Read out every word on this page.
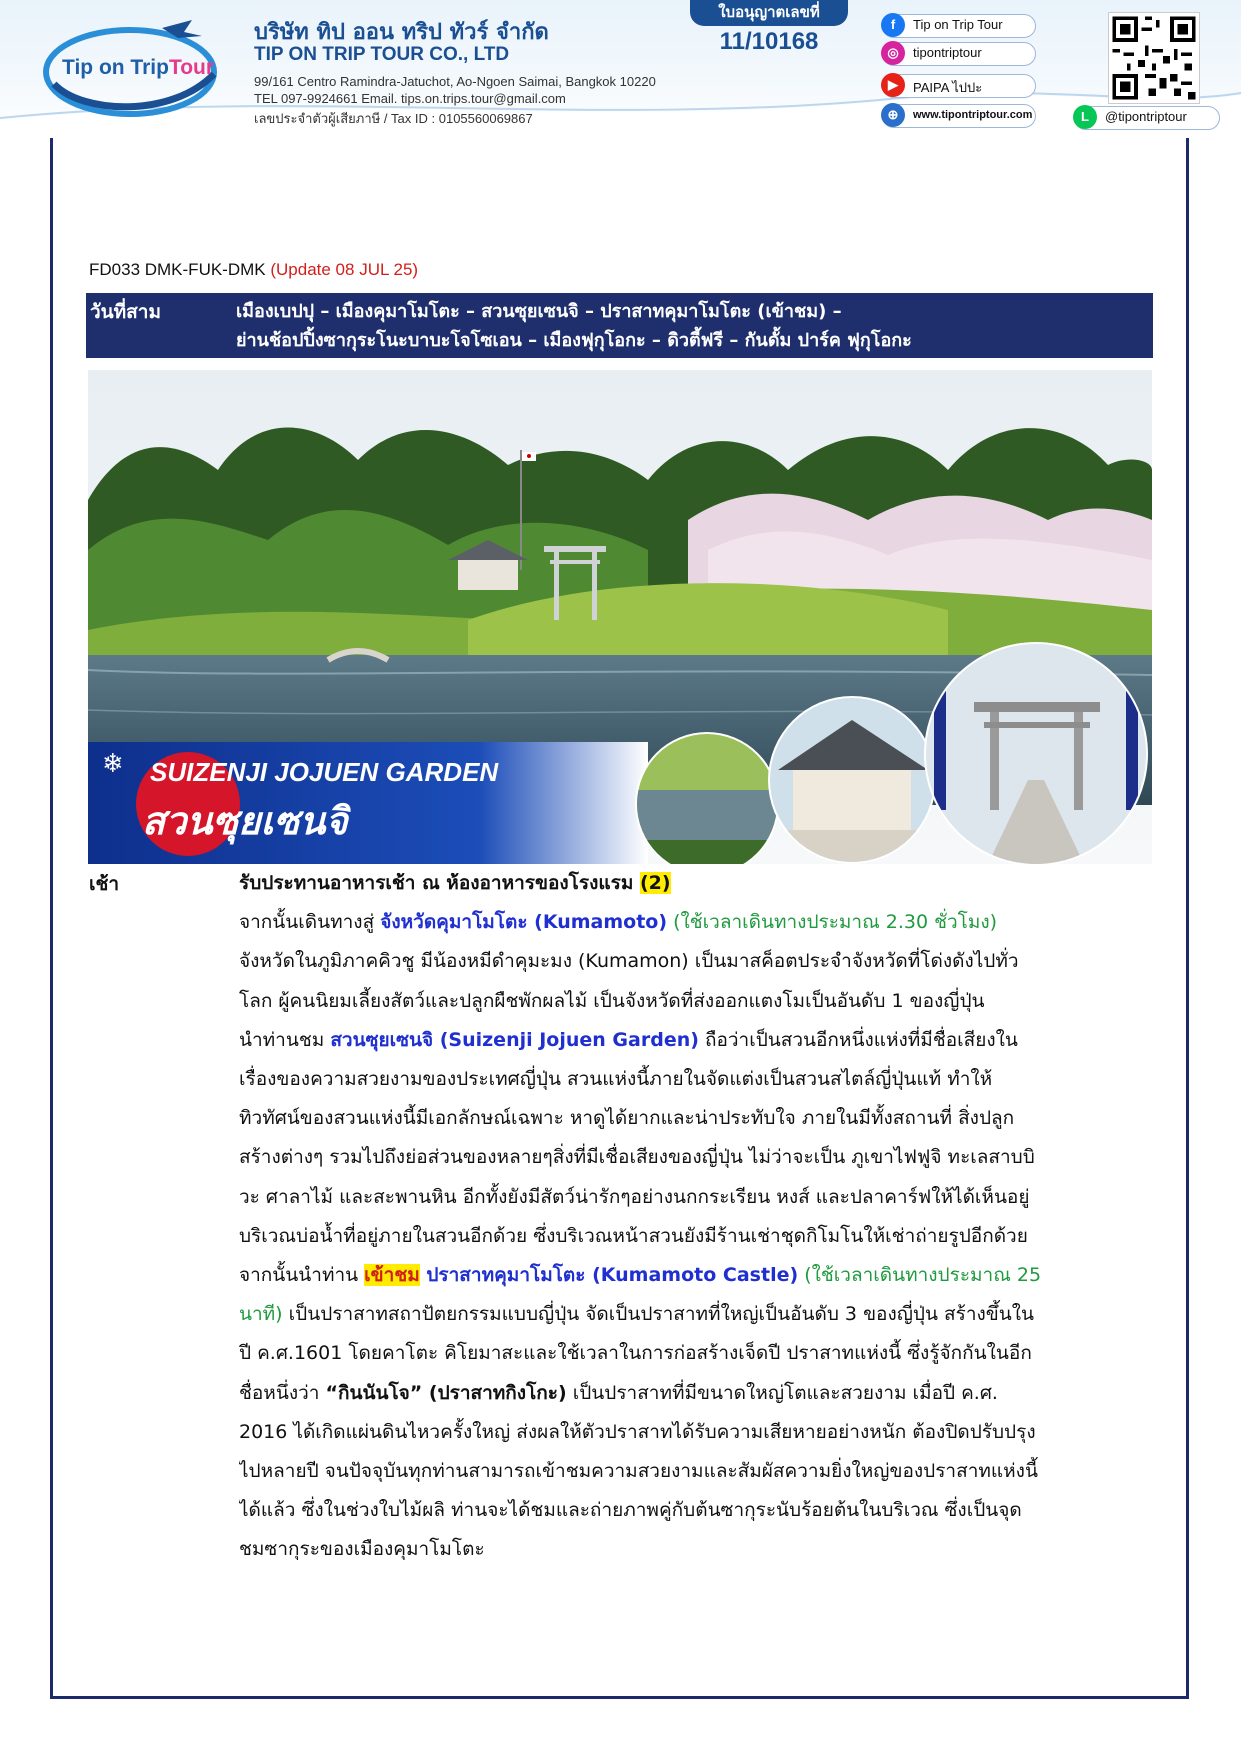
Tip on TripTour
บริษัท ทิป ออน ทริป ทัวร์ จำกัด
TIP ON TRIP TOUR CO., LTD
99/161 Centro Ramindra-Jatuchot, Ao-Ngoen Saimai, Bangkok 10220
TEL 097-9924661 Email. tips.on.trips.tour@gmail.com
เลขประจำตัวผู้เสียภาษี / Tax ID : 0105560069867
ใบอนุญาตเลขที่
11/10168
f	Tip on Trip Tour
◎	tipontriptour
▶	PAIPA ไปปะ
⊕	www.tipontriptour.com	L	@tipontriptour
FD033 DMK-FUK-DMK (Update 08 JUL 25)
วันที่สาม	เมืองเบปปุ – เมืองคุมาโมโตะ – สวนซุยเซนจิ – ปราสาทคุมาโมโตะ (เข้าชม) –
ย่านช้อปปิ้งซากุระโนะบาบะโจโซเอน – เมืองฟุกุโอกะ – ดิวตี้ฟรี – กันดั้ม ปาร์ค ฟุกุโอกะ
SUIZENJI JOJUEN GARDEN
สวนซุยเซนจิ
❄
เช้า	รับประทานอาหารเช้า ณ ห้องอาหารของโรงแรม (2)
จากนั้นเดินทางสู่ จังหวัดคุมาโมโตะ (Kumamoto) (ใช้เวลาเดินทางประมาณ 2.30 ชั่วโมง)
จังหวัดในภูมิภาคคิวชู มีน้องหมีดำคุมะมง (Kumamon) เป็นมาสค็อตประจำจังหวัดที่โด่งดังไปทั่ว
โลก ผู้คนนิยมเลี้ยงสัตว์และปลูกผืชพักผลไม้ เป็นจังหวัดที่ส่งออกแตงโมเป็นอันดับ 1 ของญี่ปุ่น
นำท่านชม สวนซุยเซนจิ (Suizenji Jojuen Garden) ถือว่าเป็นสวนอีกหนึ่งแห่งที่มีชื่อเสียงใน
เรื่องของความสวยงามของประเทศญี่ปุ่น สวนแห่งนี้ภายในจัดแต่งเป็นสวนสไตล์ญี่ปุ่นแท้ ทำให้
ทิวทัศน์ของสวนแห่งนี้มีเอกลักษณ์เฉพาะ หาดูได้ยากและน่าประทับใจ ภายในมีทั้งสถานที่ สิ่งปลูก
สร้างต่างๆ รวมไปถึงย่อส่วนของหลายๆสิ่งที่มีเชื่อเสียงของญี่ปุ่น ไม่ว่าจะเป็น ภูเขาไฟฟูจิ ทะเลสาบบิ
วะ ศาลาไม้ และสะพานหิน อีกทั้งยังมีสัตว์น่ารักๆอย่างนกกระเรียน หงส์ และปลาคาร์ฟให้ได้เห็นอยู่
บริเวณบ่อน้ำที่อยู่ภายในสวนอีกด้วย ซึ่งบริเวณหน้าสวนยังมีร้านเช่าชุดกิโมโนให้เช่าถ่ายรูปอีกด้วย
จากนั้นนำท่าน เข้าชม ปราสาทคุมาโมโตะ (Kumamoto Castle) (ใช้เวลาเดินทางประมาณ 25
นาที) เป็นปราสาทสถาปัตยกรรมแบบญี่ปุ่น จัดเป็นปราสาทที่ใหญ่เป็นอันดับ 3 ของญี่ปุ่น สร้างขึ้นใน
ปี ค.ศ.1601 โดยคาโตะ คิโยมาสะและใช้เวลาในการก่อสร้างเจ็ดปี ปราสาทแห่งนี้ ซึ่งรู้จักกันในอีก
ชื่อหนึ่งว่า “กินนันโจ” (ปราสาทกิงโกะ) เป็นปราสาทที่มีขนาดใหญ่โตและสวยงาม เมื่อปี ค.ศ.
2016 ได้เกิดแผ่นดินไหวครั้งใหญ่ ส่งผลให้ตัวปราสาทได้รับความเสียหายอย่างหนัก ต้องปิดปรับปรุง
ไปหลายปี จนปัจจุบันทุกท่านสามารถเข้าชมความสวยงามและสัมผัสความยิ่งใหญ่ของปราสาทแห่งนี้
ได้แล้ว ซึ่งในช่วงใบไม้ผลิ ท่านจะได้ชมและถ่ายภาพคู่กับต้นซากุระนับร้อยต้นในบริเวณ ซึ่งเป็นจุด
ชมซากุระของเมืองคุมาโมโตะ
